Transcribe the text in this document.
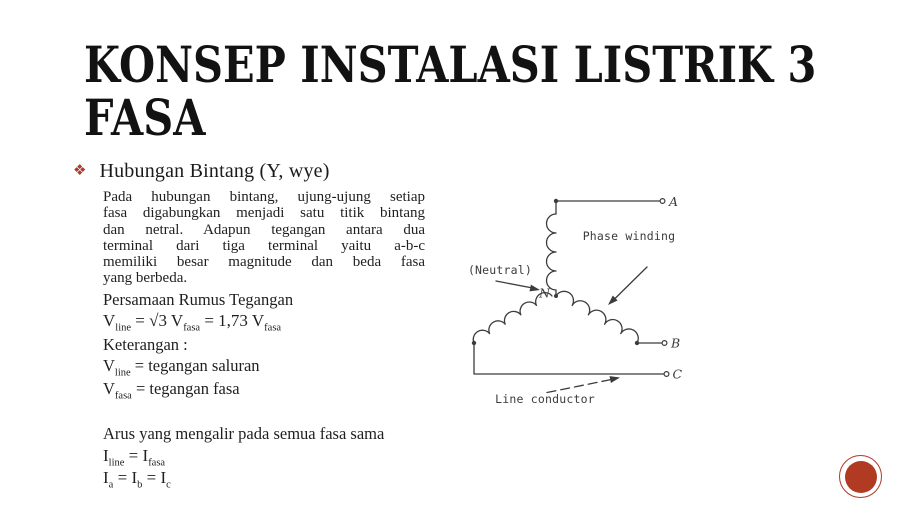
KONSEP INSTALASI LISTRIK 3
FASA
❖ Hubungan Bintang (Y, wye)
Pada hubungan bintang, ujung-ujung setiap
fasa digabungkan menjadi satu titik bintang
dan netral. Adapun tegangan antara dua
terminal dari tiga terminal yaitu a-b-c
memiliki besar magnitude dan beda fasa
yang berbeda.
Persamaan Rumus Tegangan
$V_{line} = √3$ $V_{fasa} = 1,73$ $V_{fasa}$
Keterangan :
$V_{line}$ = tegangan saluran
$V_{fasa}$ = tegangan fasa
Arus yang mengalir pada semua fasa sama
$I_{line} = I_{fasa}$
$I_a = I_b = I_c$
Phase winding
(Neutral)
Line conductor
A
B
C
N
